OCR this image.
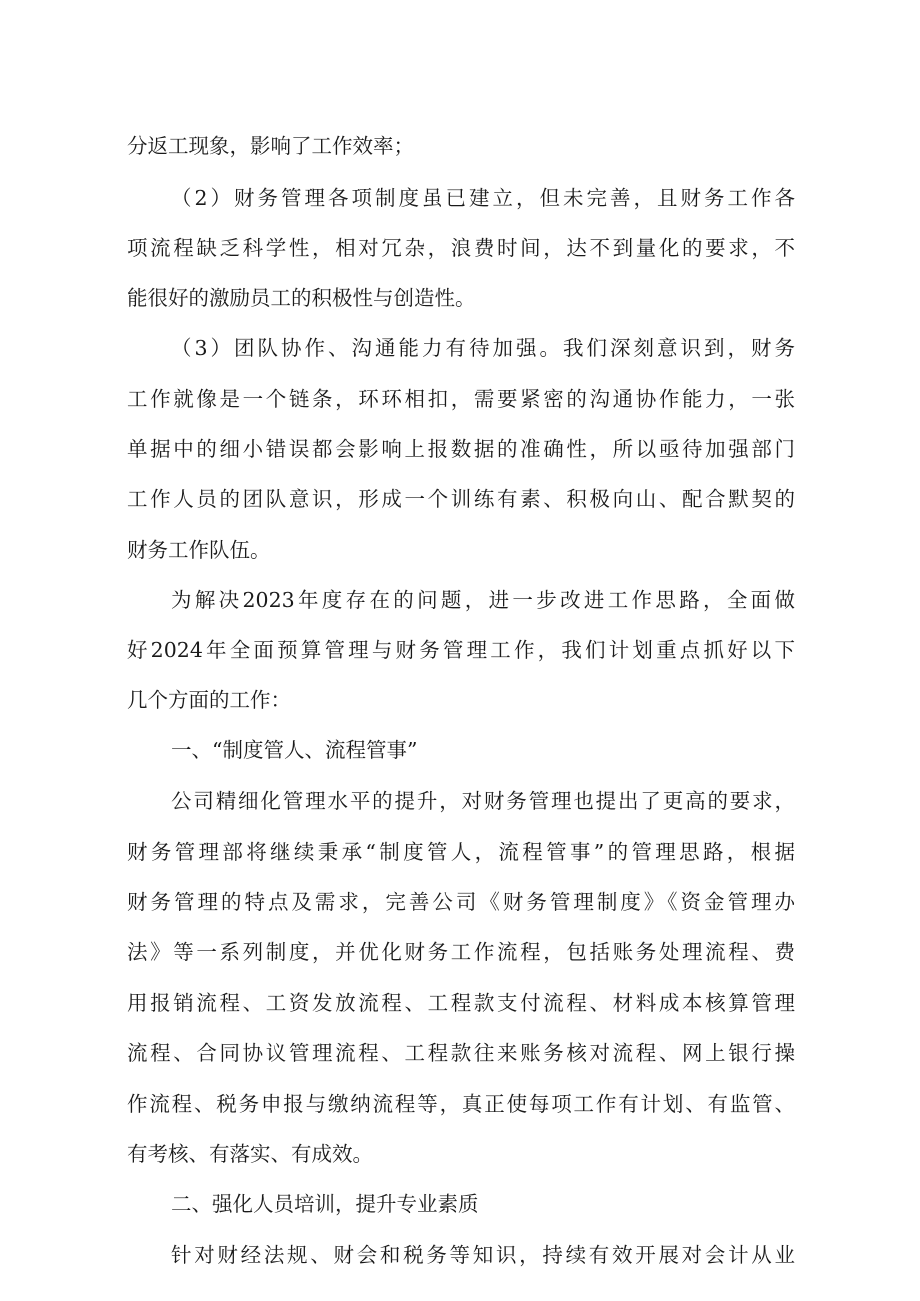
分返工现象，影响了工作效率；
（2）财务管理各项制度虽已建立，但未完善，且财务工作各
项流程缺乏科学性，相对冗杂，浪费时间，达不到量化的要求，不
能很好的激励员工的积极性与创造性。
（3）团队协作、沟通能力有待加强。我们深刻意识到，财务
工作就像是一个链条，环环相扣，需要紧密的沟通协作能力，一张
单据中的细小错误都会影响上报数据的准确性，所以亟待加强部门
工作人员的团队意识，形成一个训练有素、积极向山、配合默契的
财务工作队伍。
为解决2023年度存在的问题，进一步改进工作思路，全面做
好2024年全面预算管理与财务管理工作，我们计划重点抓好以下
几个方面的工作：
一、“制度管人、流程管事”
公司精细化管理水平的提升，对财务管理也提出了更高的要求，
财务管理部将继续秉承“制度管人，流程管事”的管理思路，根据
财务管理的特点及需求，完善公司《财务管理制度》《资金管理办
法》等一系列制度，并优化财务工作流程，包括账务处理流程、费
用报销流程、工资发放流程、工程款支付流程、材料成本核算管理
流程、合同协议管理流程、工程款往来账务核对流程、网上银行操
作流程、税务申报与缴纳流程等，真正使每项工作有计划、有监管、
有考核、有落实、有成效。
二、强化人员培训，提升专业素质
针对财经法规、财会和税务等知识，持续有效开展对会计从业
